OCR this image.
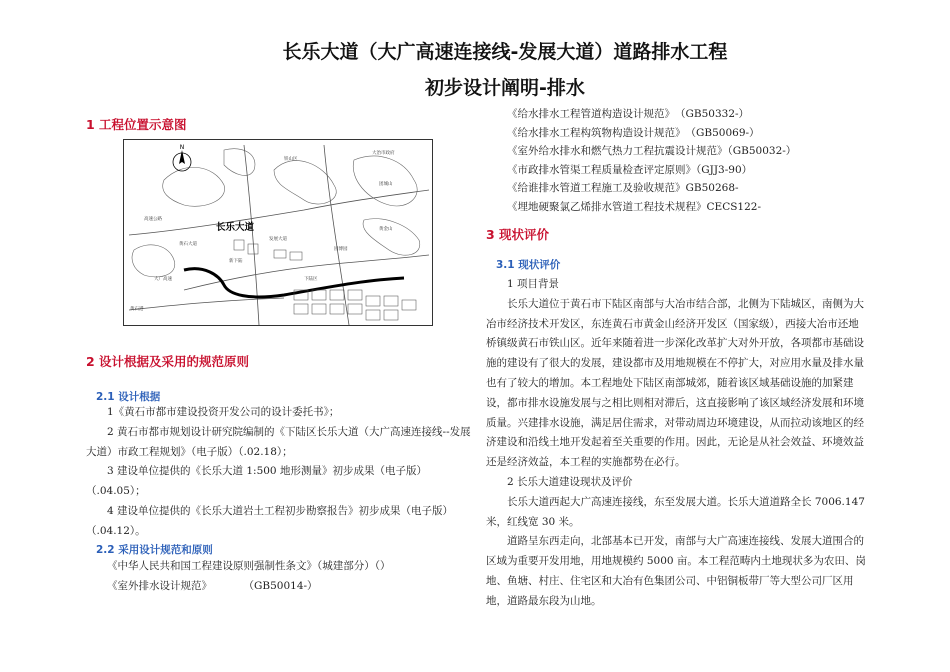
长乐大道（大广高速连接线-发展大道）道路排水工程
初步设计阐明-排水
1 工程位置示意图
N
长乐大道
大冶市政府
高速公路
新下陆
黄石大道
大广高速
发展大道
园博园
黄金山
团城山
铁山区
下陆区
黄石港
2 设计根据及采用的规范原则
2.1 设计根据
1《黄石市都市建设投资开发公司的设计委托书》；
2 黄石市都市规划设计研究院编制的《下陆区长乐大道（大广高速连接线--发展大道）市政工程规划》（电子版）（.02.18）；
3 建设单位提供的《长乐大道 1:500 地形测量》初步成果（电子版）（.04.05）；
4 建设单位提供的《长乐大道岩土工程初步勘察报告》初步成果（电子版）（.04.12）。
2.2 采用设计规范和原则
《中华人民共和国工程建设原则强制性条文》（城建部分）（）
《室外排水设计规范》　　　　（GB50014-）
《给水排水工程管道构造设计规范》　（GB50332-）
《给水排水工程构筑物构造设计规范》　（GB50069-）
《室外给水排水和燃气热力工程抗震设计规范》（GB50032-）
《市政排水管渠工程质量检查评定原则》（GJJ3-90）
《给谁排水管道工程施工及验收规范》GB50268-
《埋地硬聚氯乙烯排水管道工程技术规程》CECS122-
3 现状评价
3.1 现状评价
1 项目背景
长乐大道位于黄石市下陆区南部与大冶市结合部，北侧为下陆城区，南侧为大冶市经济技术开发区，东连黄石市黄金山经济开发区（国家级），西接大冶市还地桥镇级黄石市铁山区。近年来随着进一步深化改革扩大对外开放，各项都市基础设施的建设有了很大的发展，建设都市及用地规模在不停扩大，对应用水量及排水量也有了较大的增加。本工程地处下陆区南部城郊，随着该区域基础设施的加紧建设，都市排水设施发展与之相比则相对滞后，这直接影响了该区域经济发展和环境质量。兴建排水设施，满足居住需求，对带动周边环境建设，从而拉动该地区的经济建设和沿线土地开发起着至关重要的作用。因此，无论是从社会效益、环境效益还是经济效益，本工程的实施都势在必行。
2 长乐大道建设现状及评价
长乐大道西起大广高速连接线，东至发展大道。长乐大道道路全长 7006.147 米，红线宽 30 米。
道路呈东西走向，北部基本已开发，南部与大广高速连接线、发展大道围合的区域为重要开发用地，用地规模约 5000 亩。本工程范畴内土地现状多为农田、岗地、鱼塘、村庄、住宅区和大冶有色集团公司、中铝铜板带厂等大型公司厂区用地，道路最东段为山地。
